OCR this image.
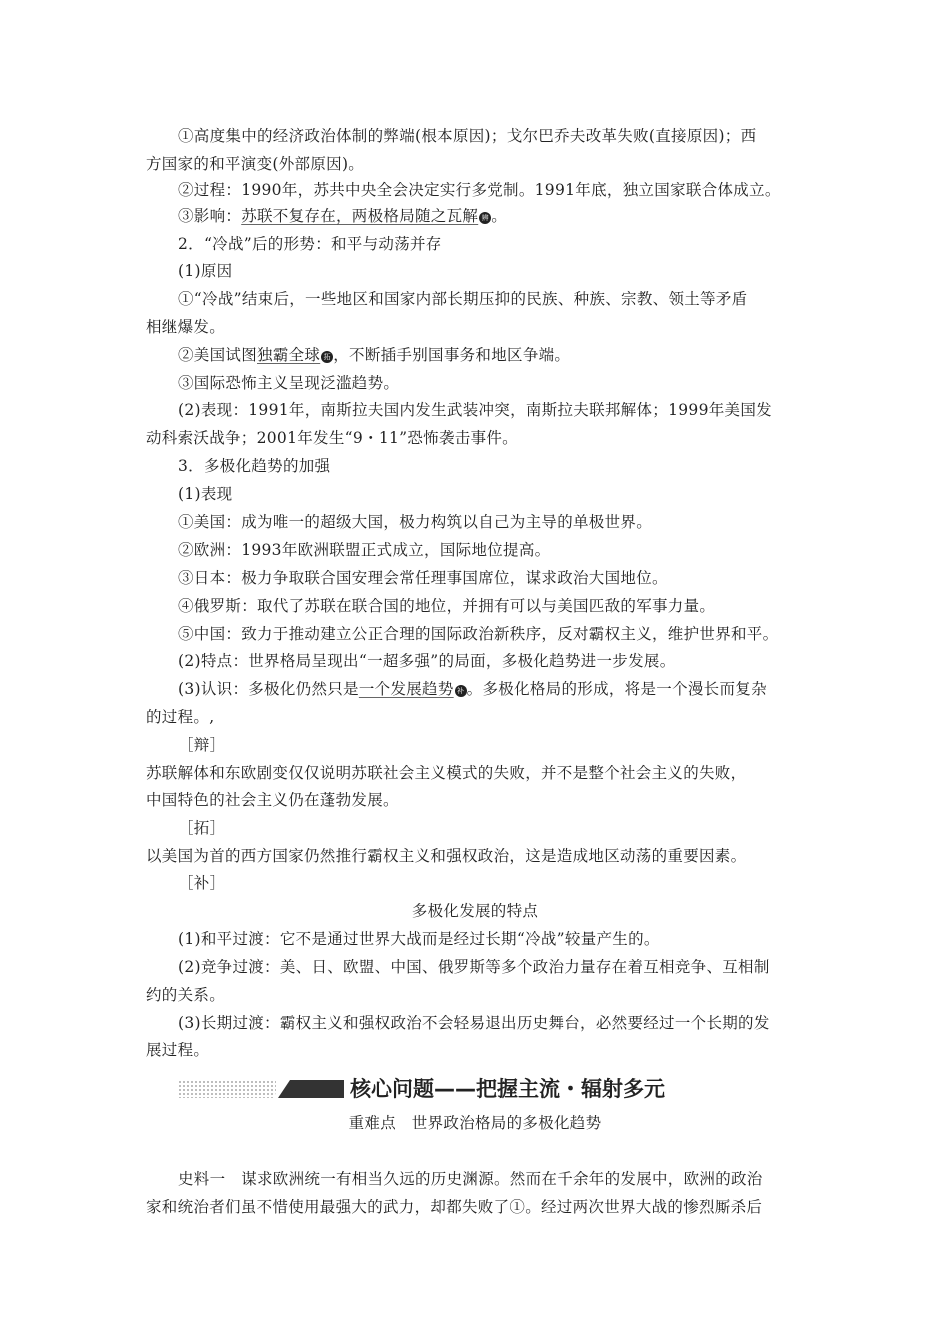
①高度集中的经济政治体制的弊端(根本原因)；戈尔巴乔夫改革失败(直接原因)；西
方国家的和平演变(外部原因)。
②过程：1990年，苏共中央全会决定实行多党制。1991年底，独立国家联合体成立。
③影响：苏联不复存在，两极格局随之瓦解 辨 。
2．“冷战”后的形势：和平与动荡并存
(1)原因
①“冷战”结束后，一些地区和国家内部长期压抑的民族、种族、宗教、领土等矛盾
相继爆发。
②美国试图独霸全球 拓 ，不断插手别国事务和地区争端。
③国际恐怖主义呈现泛滥趋势。
(2)表现：1991年，南斯拉夫国内发生武装冲突，南斯拉夫联邦解体；1999年美国发
动科索沃战争；2001年发生“9・11”恐怖袭击事件。
3．多极化趋势的加强
(1)表现
①美国：成为唯一的超级大国，极力构筑以自己为主导的单极世界。
②欧洲：1993年欧洲联盟正式成立，国际地位提高。
③日本：极力争取联合国安理会常任理事国席位，谋求政治大国地位。
④俄罗斯：取代了苏联在联合国的地位，并拥有可以与美国匹敌的军事力量。
⑤中国：致力于推动建立公正合理的国际政治新秩序，反对霸权主义，维护世界和平。
(2)特点：世界格局呈现出“一超多强”的局面，多极化趋势进一步发展。
(3)认识：多极化仍然只是一个发展趋势 补 。多极化格局的形成，将是一个漫长而复杂
的过程。,
［辩］
苏联解体和东欧剧变仅仅说明苏联社会主义模式的失败，并不是整个社会主义的失败，
中国特色的社会主义仍在蓬勃发展。
［拓］
以美国为首的西方国家仍然推行霸权主义和强权政治，这是造成地区动荡的重要因素。
［补］
多极化发展的特点
(1)和平过渡：它不是通过世界大战而是经过长期“冷战”较量产生的。
(2)竞争过渡：美、日、欧盟、中国、俄罗斯等多个政治力量存在着互相竞争、互相制
约的关系。
(3)长期过渡：霸权主义和强权政治不会轻易退出历史舞台，必然要经过一个长期的发
展过程。
核心问题——把握主流・辐射多元
重难点　世界政治格局的多极化趋势
史料一　谋求欧洲统一有相当久远的历史渊源。然而在千余年的发展中，欧洲的政治
家和统治者们虽不惜使用最强大的武力，却都失败了①。经过两次世界大战的惨烈厮杀后
